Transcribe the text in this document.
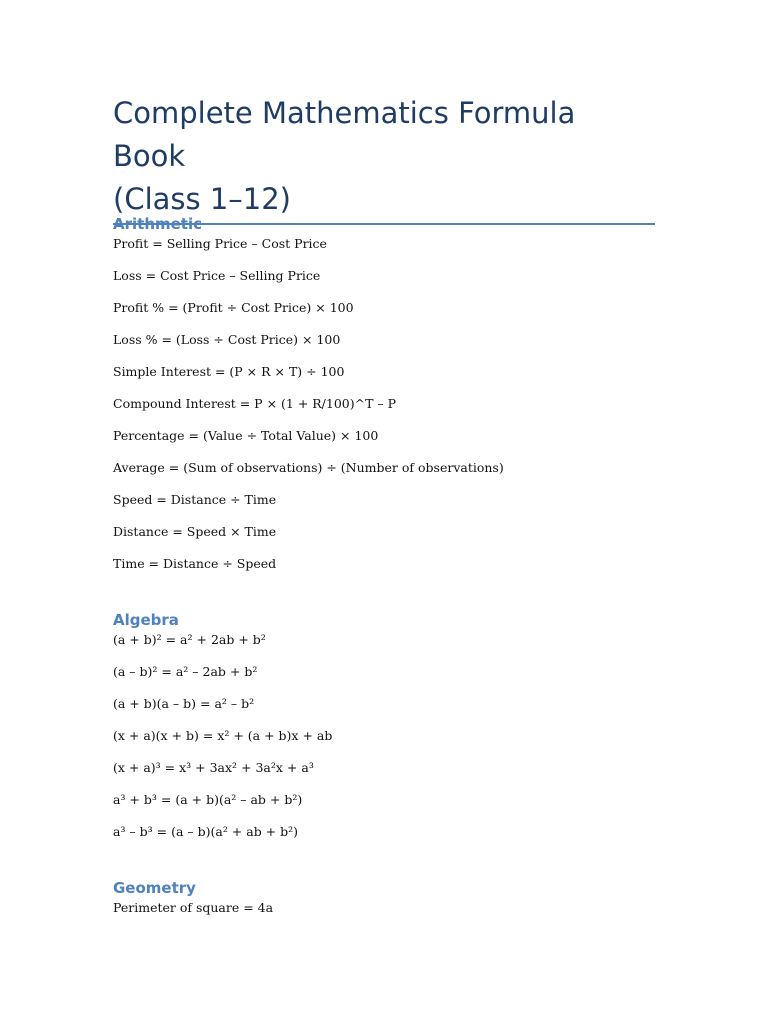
Complete Mathematics Formula Book
(Class 1–12)
Arithmetic
Profit = Selling Price – Cost Price
Loss = Cost Price – Selling Price
Profit % = (Profit ÷ Cost Price) × 100
Loss % = (Loss ÷ Cost Price) × 100
Simple Interest = (P × R × T) ÷ 100
Compound Interest = P × (1 + R/100)^T – P
Percentage = (Value ÷ Total Value) × 100
Average = (Sum of observations) ÷ (Number of observations)
Speed = Distance ÷ Time
Distance = Speed × Time
Time = Distance ÷ Speed
Algebra
(a + b)² = a² + 2ab + b²
(a – b)² = a² – 2ab + b²
(a + b)(a – b) = a² – b²
(x + a)(x + b) = x² + (a + b)x + ab
(x + a)³ = x³ + 3ax² + 3a²x + a³
a³ + b³ = (a + b)(a² – ab + b²)
a³ – b³ = (a – b)(a² + ab + b²)
Geometry
Perimeter of square = 4a
